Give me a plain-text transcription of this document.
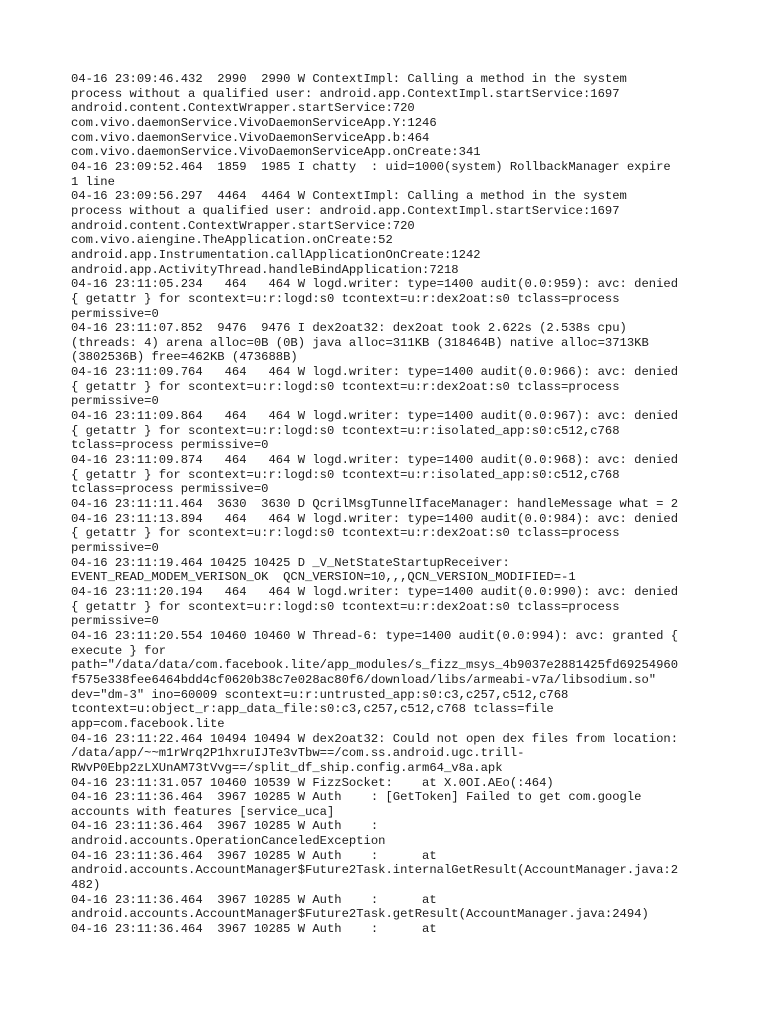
04-16 23:09:46.432  2990  2990 W ContextImpl: Calling a method in the system
process without a qualified user: android.app.ContextImpl.startService:1697
android.content.ContextWrapper.startService:720
com.vivo.daemonService.VivoDaemonServiceApp.Y:1246
com.vivo.daemonService.VivoDaemonServiceApp.b:464
com.vivo.daemonService.VivoDaemonServiceApp.onCreate:341
04-16 23:09:52.464  1859  1985 I chatty  : uid=1000(system) RollbackManager expire
1 line
04-16 23:09:56.297  4464  4464 W ContextImpl: Calling a method in the system
process without a qualified user: android.app.ContextImpl.startService:1697
android.content.ContextWrapper.startService:720
com.vivo.aiengine.TheApplication.onCreate:52
android.app.Instrumentation.callApplicationOnCreate:1242
android.app.ActivityThread.handleBindApplication:7218
04-16 23:11:05.234   464   464 W logd.writer: type=1400 audit(0.0:959): avc: denied
{ getattr } for scontext=u:r:logd:s0 tcontext=u:r:dex2oat:s0 tclass=process
permissive=0
04-16 23:11:07.852  9476  9476 I dex2oat32: dex2oat took 2.622s (2.538s cpu)
(threads: 4) arena alloc=0B (0B) java alloc=311KB (318464B) native alloc=3713KB
(3802536B) free=462KB (473688B)
04-16 23:11:09.764   464   464 W logd.writer: type=1400 audit(0.0:966): avc: denied
{ getattr } for scontext=u:r:logd:s0 tcontext=u:r:dex2oat:s0 tclass=process
permissive=0
04-16 23:11:09.864   464   464 W logd.writer: type=1400 audit(0.0:967): avc: denied
{ getattr } for scontext=u:r:logd:s0 tcontext=u:r:isolated_app:s0:c512,c768
tclass=process permissive=0
04-16 23:11:09.874   464   464 W logd.writer: type=1400 audit(0.0:968): avc: denied
{ getattr } for scontext=u:r:logd:s0 tcontext=u:r:isolated_app:s0:c512,c768
tclass=process permissive=0
04-16 23:11:11.464  3630  3630 D QcrilMsgTunnelIfaceManager: handleMessage what = 2
04-16 23:11:13.894   464   464 W logd.writer: type=1400 audit(0.0:984): avc: denied
{ getattr } for scontext=u:r:logd:s0 tcontext=u:r:dex2oat:s0 tclass=process
permissive=0
04-16 23:11:19.464 10425 10425 D _V_NetStateStartupReceiver:
EVENT_READ_MODEM_VERISON_OK  QCN_VERSION=10,,,QCN_VERSION_MODIFIED=-1
04-16 23:11:20.194   464   464 W logd.writer: type=1400 audit(0.0:990): avc: denied
{ getattr } for scontext=u:r:logd:s0 tcontext=u:r:dex2oat:s0 tclass=process
permissive=0
04-16 23:11:20.554 10460 10460 W Thread-6: type=1400 audit(0.0:994): avc: granted {
execute } for
path="/data/data/com.facebook.lite/app_modules/s_fizz_msys_4b9037e2881425fd69254960
f575e338fee6464bdd4cf0620b38c7e028ac80f6/download/libs/armeabi-v7a/libsodium.so"
dev="dm-3" ino=60009 scontext=u:r:untrusted_app:s0:c3,c257,c512,c768
tcontext=u:object_r:app_data_file:s0:c3,c257,c512,c768 tclass=file
app=com.facebook.lite
04-16 23:11:22.464 10494 10494 W dex2oat32: Could not open dex files from location:
/data/app/~~m1rWrq2P1hxruIJTe3vTbw==/com.ss.android.ugc.trill-
RWvP0Ebp2zLXUnAM73tVvg==/split_df_ship.config.arm64_v8a.apk
04-16 23:11:31.057 10460 10539 W FizzSocket:    at X.0OI.AEo(:464)
04-16 23:11:36.464  3967 10285 W Auth    : [GetToken] Failed to get com.google
accounts with features [service_uca]
04-16 23:11:36.464  3967 10285 W Auth    :
android.accounts.OperationCanceledException
04-16 23:11:36.464  3967 10285 W Auth    :      at
android.accounts.AccountManager$Future2Task.internalGetResult(AccountManager.java:2
482)
04-16 23:11:36.464  3967 10285 W Auth    :      at
android.accounts.AccountManager$Future2Task.getResult(AccountManager.java:2494)
04-16 23:11:36.464  3967 10285 W Auth    :      at
